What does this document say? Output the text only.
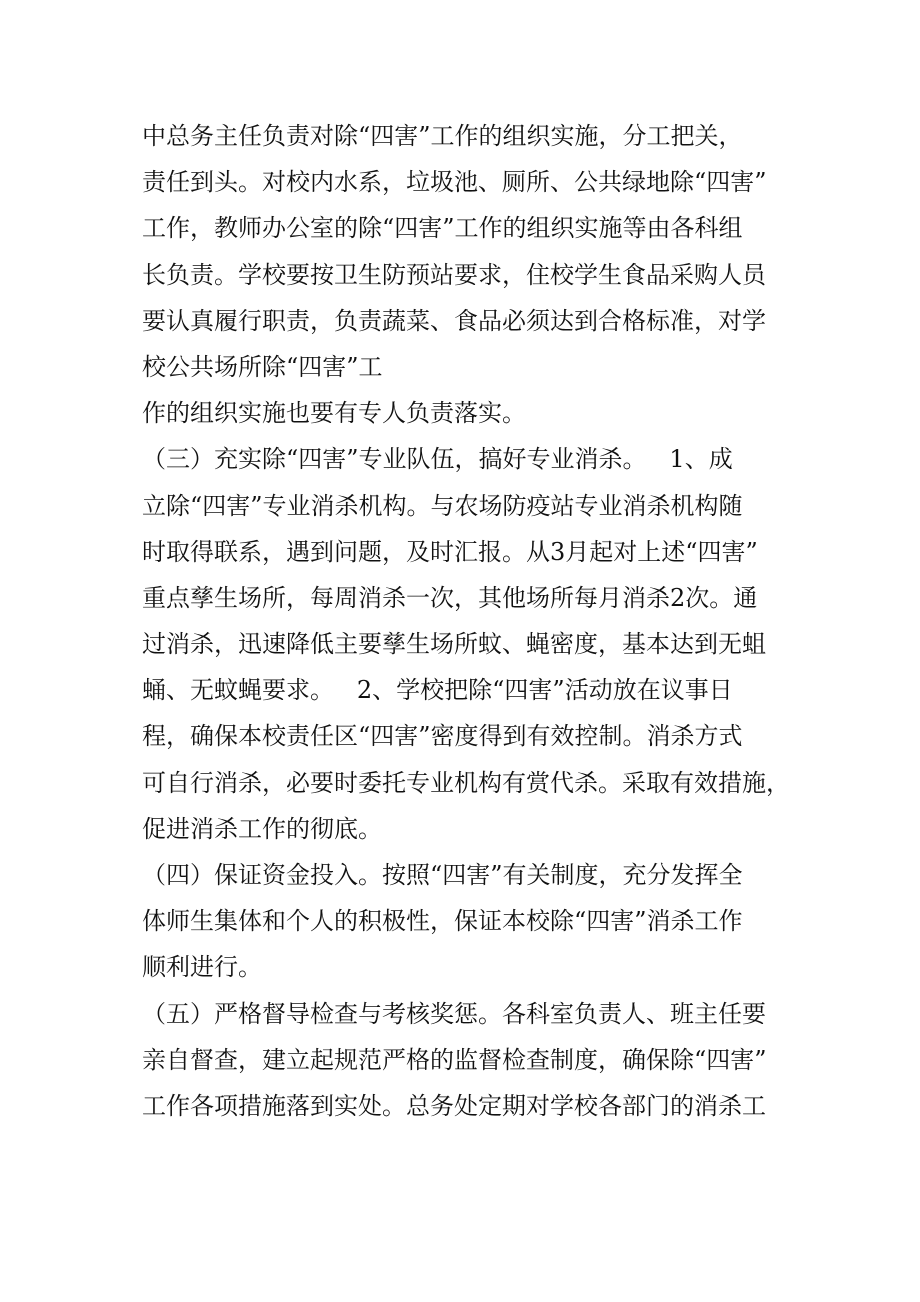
中总务主任负责对除“四害”工作的组织实施，分工把关，
责任到头。对校内水系，垃圾池、厕所、公共绿地除“四害”
工作，教师办公室的除“四害”工作的组织实施等由各科组
长负责。学校要按卫生防预站要求，住校学生食品采购人员
要认真履行职责，负责蔬菜、食品必须达到合格标准，对学
校公共场所除“四害”工
作的组织实施也要有专人负责落实。
（三）充实除“四害”专业队伍，搞好专业消杀。   1、成
立除“四害”专业消杀机构。与农场防疫站专业消杀机构随
时取得联系，遇到问题，及时汇报。从3月起对上述“四害”
重点孳生场所，每周消杀一次，其他场所每月消杀2次。通
过消杀，迅速降低主要孳生场所蚊、蝇密度，基本达到无蛆
蛹、无蚊蝇要求。   2、学校把除“四害”活动放在议事日
程，确保本校责任区“四害”密度得到有效控制。消杀方式
可自行消杀，必要时委托专业机构有赏代杀。采取有效措施，
促进消杀工作的彻底。
（四）保证资金投入。按照“四害”有关制度，充分发挥全
体师生集体和个人的积极性，保证本校除“四害”消杀工作
顺利进行。
（五）严格督导检查与考核奖惩。各科室负责人、班主任要
亲自督查，建立起规范严格的监督检查制度，确保除“四害”
工作各项措施落到实处。总务处定期对学校各部门的消杀工
